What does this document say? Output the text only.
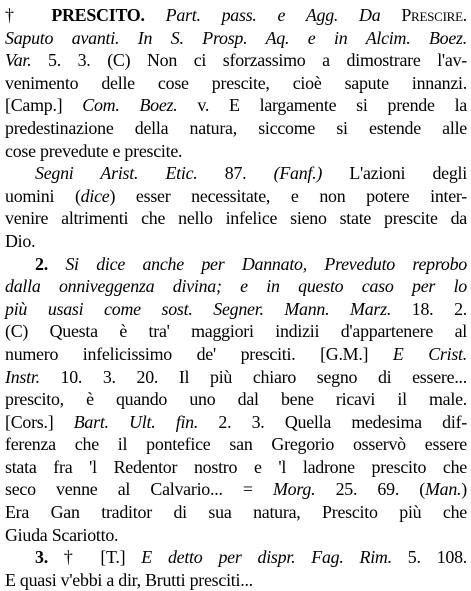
† PRESCITO. Part. pass. e Agg. Da Prescire.
Saputo avanti. In S. Prosp. Aq. e in Alcim. Boez.
Var. 5. 3. (C) Non ci sforzassimo a dimostrare l'av-
venimento delle cose prescite, cioè sapute innanzi.
[Camp.] Com. Boez. v. E largamente si prende la
predestinazione della natura, siccome si estende alle
cose prevedute e prescite.
Segni Arist. Etic. 87. (Fanf.) L'azioni degli
uomini (dice) esser necessitate, e non potere inter-
venire altrimenti che nello infelice sieno state prescite da
Dio.
2. Si dice anche per Dannato, Preveduto reprobo
dalla onniveggenza divina; e in questo caso per lo
più usasi come sost. Segner. Mann. Marz. 18. 2.
(C) Questa è tra' maggiori indizii d'appartenere al
numero infelicissimo de' presciti. [G.M.] E Crist.
Instr. 10. 3. 20. Il più chiaro segno di essere...
prescito, è quando uno dal bene ricavi il male.
[Cors.] Bart. Ult. fin. 2. 3. Quella medesima dif-
ferenza che il pontefice san Gregorio osservò essere
stata fra 'l Redentor nostro e 'l ladrone prescito che
seco venne al Calvario... = Morg. 25. 69. (Man.)
Era Gan traditor di sua natura, Prescito più che
Giuda Scariotto.
3. † [T.] E detto per dispr. Fag. Rim. 5. 108.
E quasi v'ebbi a dir, Brutti presciti...
